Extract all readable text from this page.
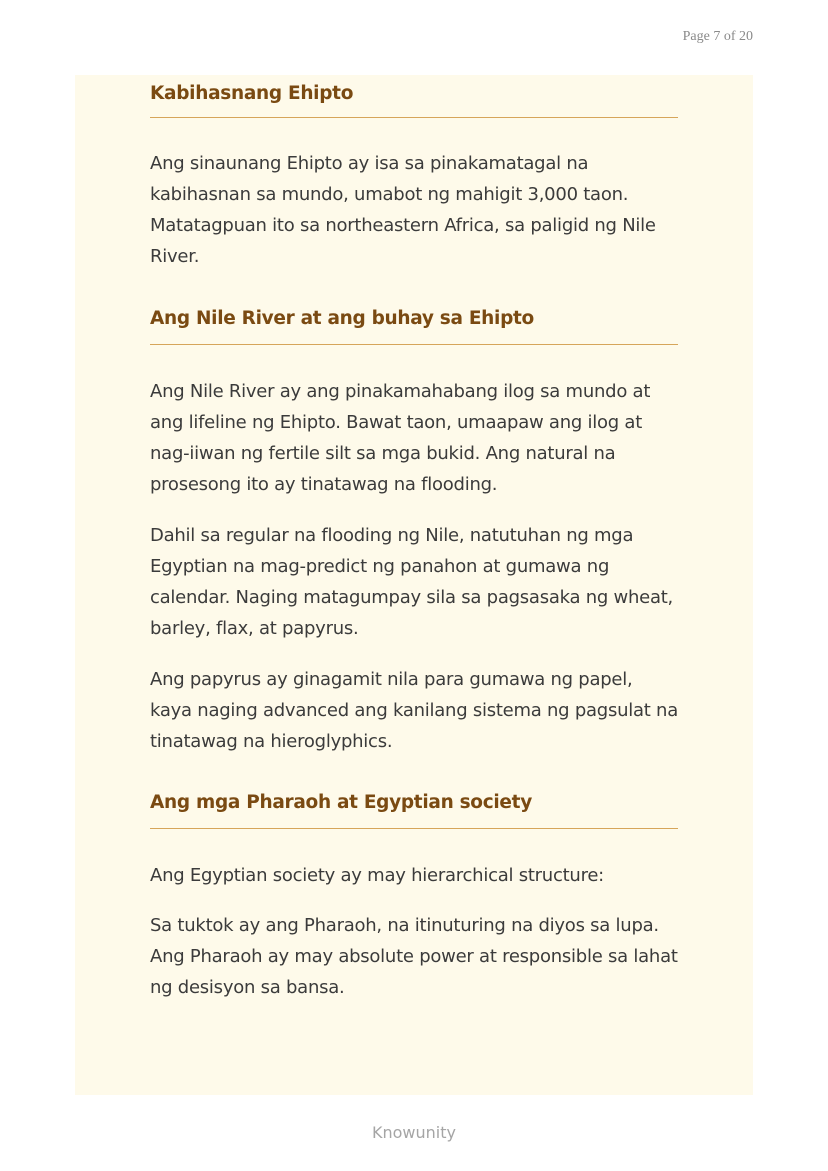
Page 7 of 20
Kabihasnang Ehipto

Ang sinaunang Ehipto ay isa sa pinakamatagal na kabihasnan sa mundo, umabot ng mahigit 3,000 taon. Matatagpuan ito sa northeastern Africa, sa paligid ng Nile River.

Ang Nile River at ang buhay sa Ehipto

Ang Nile River ay ang pinakamahabang ilog sa mundo at ang lifeline ng Ehipto. Bawat taon, umaapaw ang ilog at nag-iiwan ng fertile silt sa mga bukid. Ang natural na prosesong ito ay tinatawag na flooding.

Dahil sa regular na flooding ng Nile, natutuhan ng mga Egyptian na mag-predict ng panahon at gumawa ng calendar. Naging matagumpay sila sa pagsasaka ng wheat, barley, flax, at papyrus.

Ang papyrus ay ginagamit nila para gumawa ng papel, kaya naging advanced ang kanilang sistema ng pagsulat na tinatawag na hieroglyphics.

Ang mga Pharaoh at Egyptian society

Ang Egyptian society ay may hierarchical structure:

Sa tuktok ay ang Pharaoh, na itinuturing na diyos sa lupa. Ang Pharaoh ay may absolute power at responsible sa lahat ng desisyon sa bansa.

Knowunity
